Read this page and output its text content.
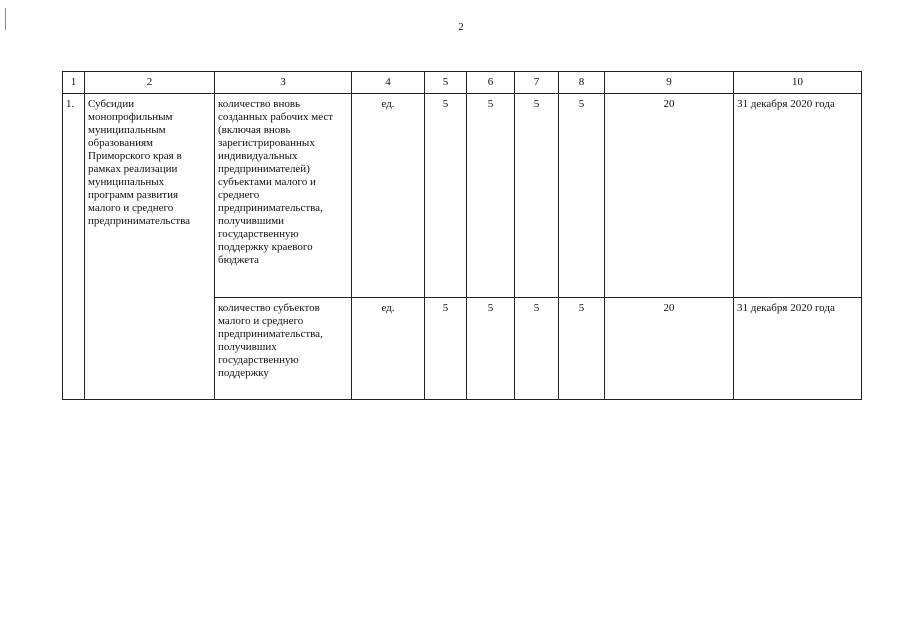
2
1	2	3	4	5	6	7	8	9	10
1.	Субсидии монопрофильным муниципальным образованиям Приморского края в рамках реализации муниципальных программ развития малого и среднего предпринимательства	количество вновь созданных рабочих мест (включая вновь зарегистрированных индивидуальных предпринимателей) субъектами малого и среднего предпринимательства, получившими государственную поддержку краевого бюджета	ед.	5	5	5	5	20	31 декабря 2020 года
		количество субъектов малого и среднего предпринимательства, получивших государственную поддержку	ед.	5	5	5	5	20	31 декабря 2020 года
